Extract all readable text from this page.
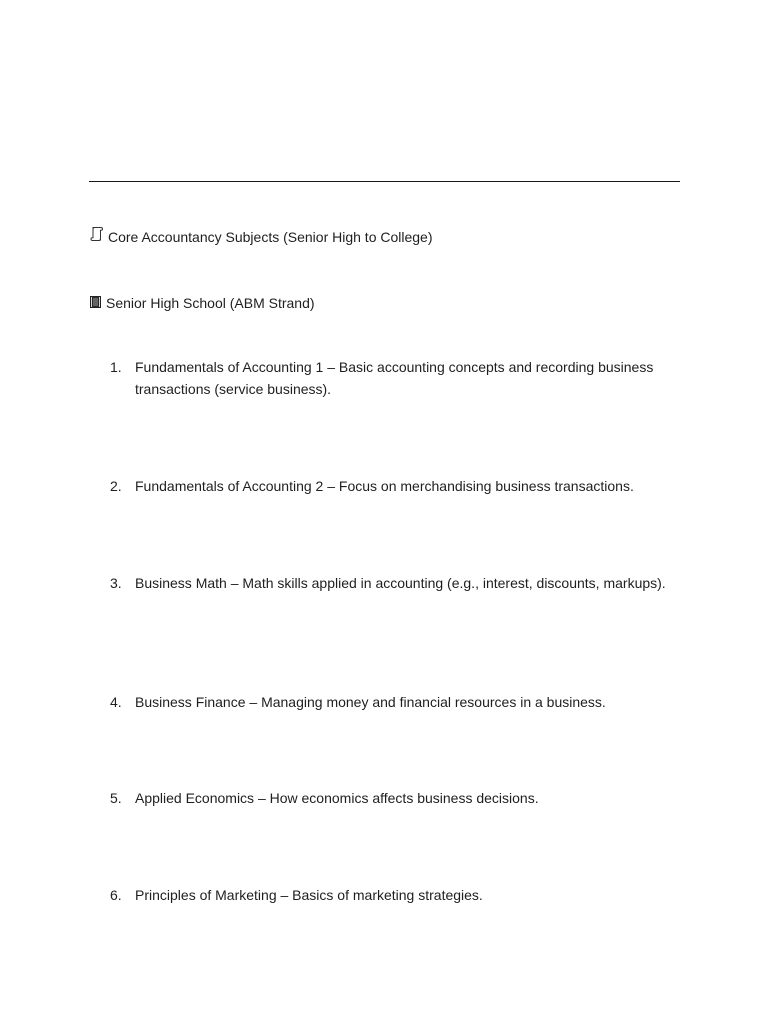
Core Accountancy Subjects (Senior High to College)
Senior High School (ABM Strand)
1. Fundamentals of Accounting 1 – Basic accounting concepts and recording business transactions (service business).
2. Fundamentals of Accounting 2 – Focus on merchandising business transactions.
3. Business Math – Math skills applied in accounting (e.g., interest, discounts, markups).
4. Business Finance – Managing money and financial resources in a business.
5. Applied Economics – How economics affects business decisions.
6. Principles of Marketing – Basics of marketing strategies.
